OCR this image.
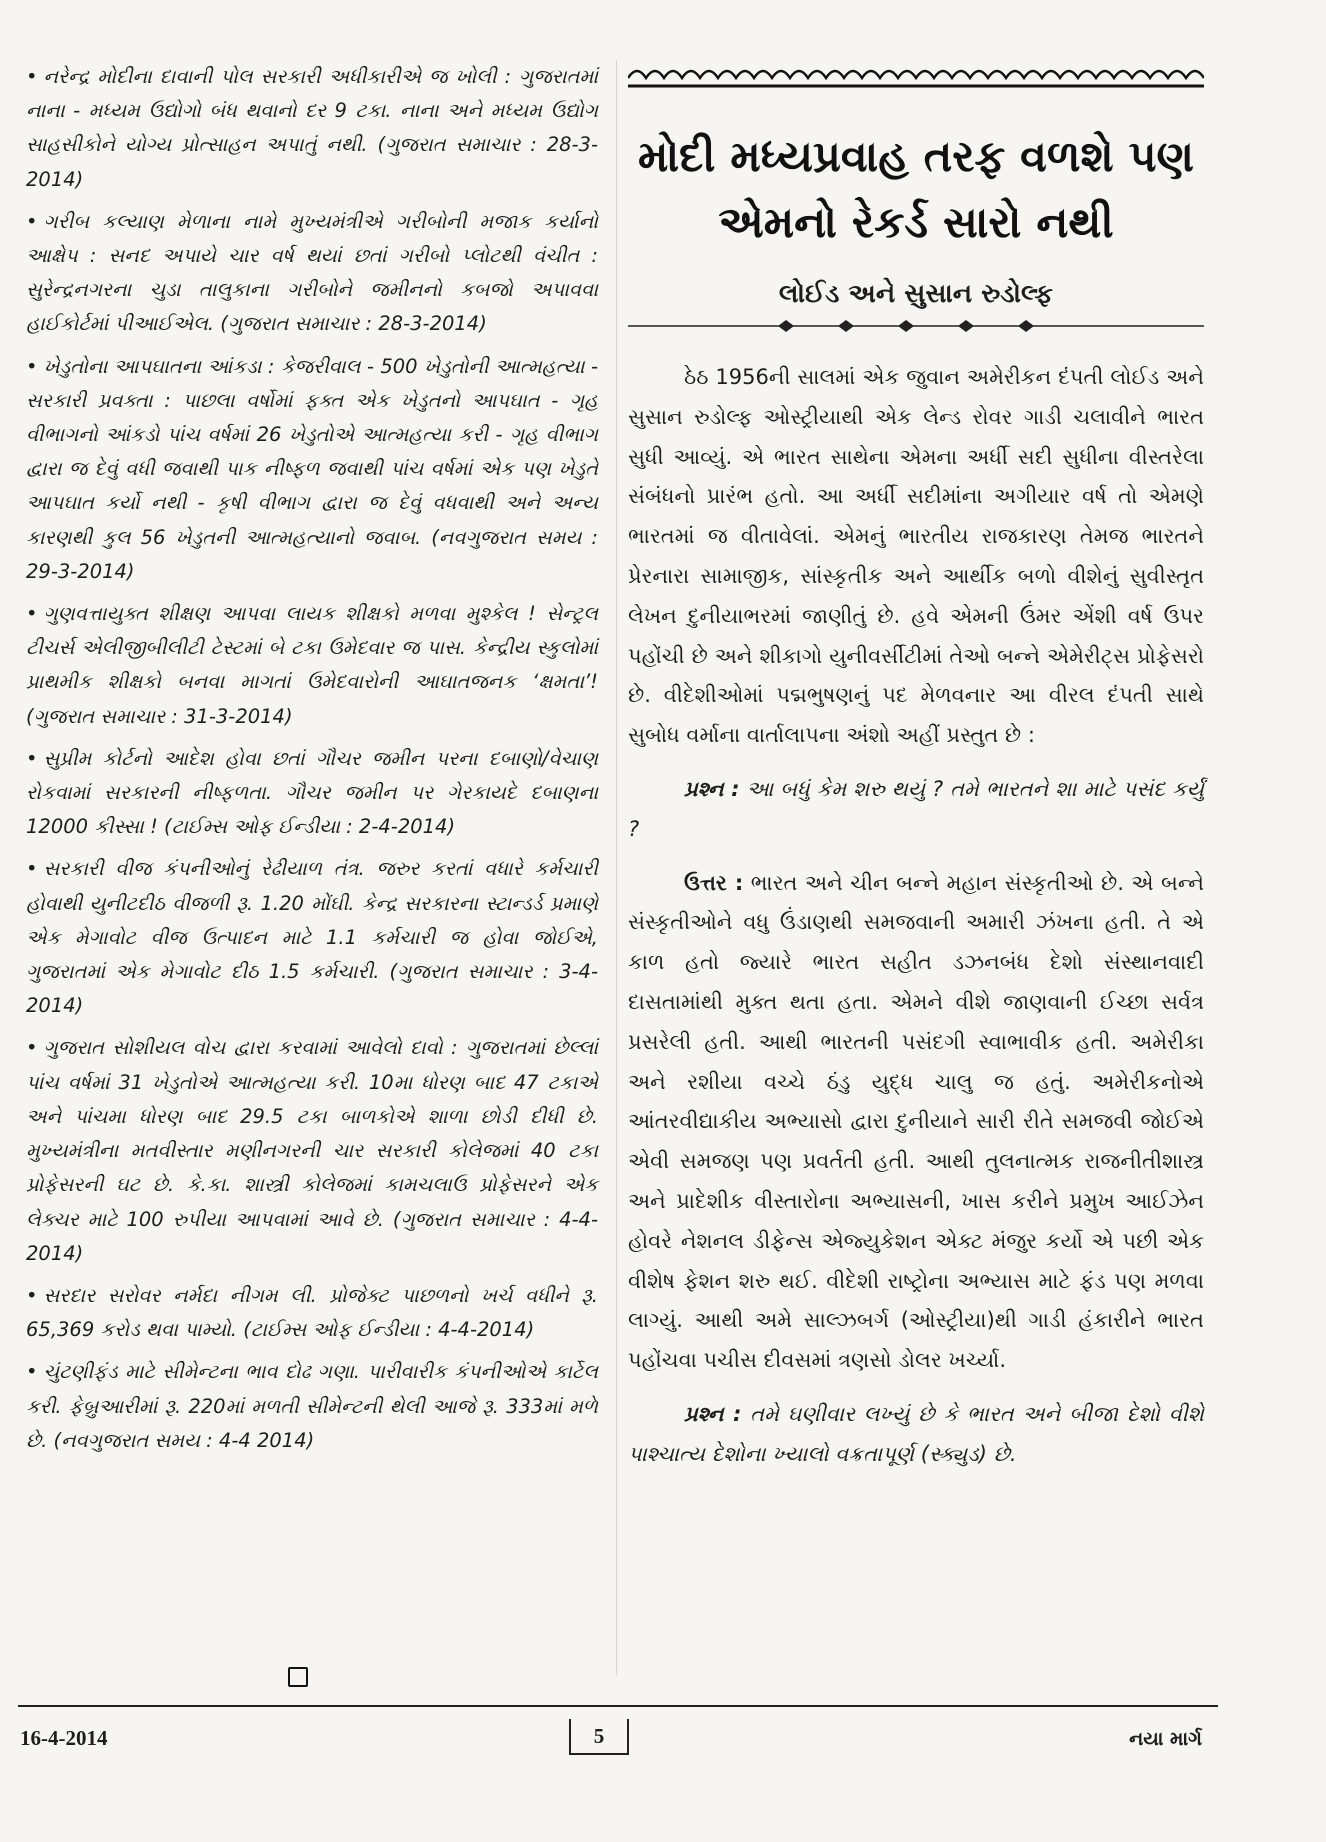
• નરેન્દ્ર મોદીના દાવાની પોલ સરકારી અધીકારીએ જ ખોલી : ગુજરાતમાં નાના - મધ્યમ ઉદ્યોગો બંધ થવાનો દર 9 ટકા. નાના અને મધ્યમ ઉદ્યોગ સાહસીકોને યોગ્ય પ્રોત્સાહન અપાતું નથી. (ગુજરાત સમાચાર : 28-3-2014)

• ગરીબ કલ્યાણ મેળાના નામે મુખ્યમંત્રીએ ગરીબોની મજાક કર્યાનો આક્ષેપ : સનદ અપાયે ચાર વર્ષ થયાં છતાં ગરીબો પ્લોટથી વંચીત : સુરેન્દ્રનગરના ચુડા તાલુકાના ગરીબોને જમીનનો કબજો અપાવવા હાઈકોર્ટમાં પીઆઈએલ. (ગુજરાત સમાચાર : 28-3-2014)

• ખેડુતોના આપઘાતના આંકડા : કેજરીવાલ - 500 ખેડુતોની આત્મહત્યા - સરકારી પ્રવક્તા : પાછલા વર્ષોમાં ફક્ત એક ખેડુતનો આપઘાત - ગૃહ વીભાગનો આંકડો પાંચ વર્ષમાં 26 ખેડુતોએ આત્મહત્યા કરી - ગૃહ વીભાગ દ્વારા જ દેવું વધી જવાથી પાક નીષ્ફળ જવાથી પાંચ વર્ષમાં એક પણ ખેડુતે આપઘાત કર્યો નથી - કૃષી વીભાગ દ્વારા જ દેવું વધવાથી અને અન્ય કારણથી કુલ 56 ખેડુતની આત્મહત્યાનો જવાબ. (નવગુજરાત સમય : 29-3-2014)

• ગુણવત્તાયુક્ત શીક્ષણ આપવા લાયક શીક્ષકો મળવા મુશ્કેલ ! સેન્ટ્રલ ટીચર્સ એલીજીબીલીટી ટેસ્ટમાં બે ટકા ઉમેદવાર જ પાસ. કેન્દ્રીય સ્કુલોમાં પ્રાથમીક શીક્ષકો બનવા માગતાં ઉમેદવારોની આઘાતજનક ‘ક્ષમતા’! (ગુજરાત સમાચાર : 31-3-2014)

• સુપ્રીમ કોર્ટનો આદેશ હોવા છતાં ગૌચર જમીન પરના દબાણો/વેચાણ રોકવામાં સરકારની નીષ્ફળતા. ગૌચર જમીન પર ગેરકાયદે દબાણના 12000 કીસ્સા ! (ટાઈમ્સ ઓફ ઈન્ડીયા : 2-4-2014)

• સરકારી વીજ કંપનીઓનું રેઢીયાળ તંત્ર. જરુર કરતાં વધારે કર્મચારી હોવાથી યુનીટદીઠ વીજળી રૂ. 1.20 મોંઘી. કેન્દ્ર સરકારના સ્ટાન્ડર્ડ પ્રમાણે એક મેગાવોટ વીજ ઉત્પાદન માટે 1.1 કર્મચારી જ હોવા જોઈએ, ગુજરાતમાં એક મેગાવોટ દીઠ 1.5 કર્મચારી. (ગુજરાત સમાચાર : 3-4-2014)

• ગુજરાત સોશીયલ વોચ દ્વારા કરવામાં આવેલો દાવો : ગુજરાતમાં છેલ્લાં પાંચ વર્ષમાં 31 ખેડુતોએ આત્મહત્યા કરી. 10મા ધોરણ બાદ 47 ટકાએ અને પાંચમા ધોરણ બાદ 29.5 ટકા બાળકોએ શાળા છોડી દીધી છે. મુખ્યમંત્રીના મતવીસ્તાર મણીનગરની ચાર સરકારી કોલેજમાં 40 ટકા પ્રોફેસરની ઘટ છે. કે.કા. શાસ્ત્રી કોલેજમાં કામચલાઉ પ્રોફેસરને એક લેક્ચર માટે 100 રુપીયા આપવામાં આવે છે. (ગુજરાત સમાચાર : 4-4-2014)

• સરદાર સરોવર નર્મદા નીગમ લી. પ્રોજેક્ટ પાછળનો ખર્ચ વધીને રૂ. 65,369 કરોડ થવા પામ્યો. (ટાઈમ્સ ઓફ ઈન્ડીયા : 4-4-2014)

• ચુંટણીફંડ માટે સીમેન્ટના ભાવ દોઢ ગણા. પારીવારીક કંપનીઓએ કાર્ટેલ કરી. ફેબ્રુઆરીમાં રૂ. 220માં મળતી સીમેન્ટની થેલી આજે રૂ. 333માં મળે છે. (નવગુજરાત સમય : 4-4 2014)

મોદી મધ્યપ્રવાહ તરફ વળશે પણ એમનો રેકર્ડ સારો નથી
લોઈડ અને સુસાન રુડોલ્ફ

ઠેઠ 1956ની સાલમાં એક જુવાન અમેરીકન દંપતી લોઈડ અને સુસાન રુડોલ્ફ ઓસ્ટ્રીયાથી એક લેન્ડ રોવર ગાડી ચલાવીને ભારત સુધી આવ્યું. એ ભારત સાથેના એમના અર્ધી સદી સુધીના વીસ્તરેલા સંબંધનો પ્રારંભ હતો. આ અર્ધી સદીમાંના અગીયાર વર્ષ તો એમણે ભારતમાં જ વીતાવેલાં. એમનું ભારતીય રાજકારણ તેમજ ભારતને પ્રેરનારા સામાજીક, સાંસ્કૃતીક અને આર્થીક બળો વીશેનું સુવીસ્તૃત લેખન દુનીયાભરમાં જાણીતું છે. હવે એમની ઉંમર એંશી વર્ષ ઉપર પહોંચી છે અને શીકાગો યુનીવર્સીટીમાં તેઓ બન્ને એમેરીટ્સ પ્રોફેસરો છે. વીદેશીઓમાં પદ્મભુષણનું પદ મેળવનાર આ વીરલ દંપતી સાથે સુબોધ વર્માના વાર્તાલાપના અંશો અહીં પ્રસ્તુત છે :

પ્રશ્ન : આ બધું કેમ શરુ થયું ? તમે ભારતને શા માટે પસંદ કર્યું ?

ઉત્તર : ભારત અને ચીન બન્ને મહાન સંસ્કૃતીઓ છે. એ બન્ને સંસ્કૃતીઓને વધુ ઉંડાણથી સમજવાની અમારી ઝંખના હતી. તે એ કાળ હતો જ્યારે ભારત સહીત ડઝનબંધ દેશો સંસ્થાનવાદી દાસતામાંથી મુક્ત થતા હતા. એમને વીશે જાણવાની ઈચ્છા સર્વત્ર પ્રસરેલી હતી. આથી ભારતની પસંદગી સ્વાભાવીક હતી. અમેરીકા અને રશીયા વચ્ચે ઠંડુ યુદ્ધ ચાલુ જ હતું. અમેરીકનોએ આંતરવીદ્યાકીય અભ્યાસો દ્વારા દુનીયાને સારી રીતે સમજવી જોઈએ એવી સમજણ પણ પ્રવર્તતી હતી. આથી તુલનાત્મક રાજનીતીશાસ્ત્ર અને પ્રાદેશીક વીસ્તારોના અભ્યાસની, ખાસ કરીને પ્રમુખ આઈઝેન હોવરે નેશનલ ડીફેન્સ એજ્યુકેશન એક્ટ મંજુર કર્યો એ પછી એક વીશેષ ફેશન શરુ થઈ. વીદેશી રાષ્ટ્રોના અભ્યાસ માટે ફંડ પણ મળવા લાગ્યું. આથી અમે સાલ્ઝબર્ગ (ઓસ્ટ્રીયા)થી ગાડી હંકારીને ભારત પહોંચવા પચીસ દીવસમાં ત્રણસો ડોલર ખર્ચ્યા.

પ્રશ્ન : તમે ઘણીવાર લખ્યું છે કે ભારત અને બીજા દેશો વીશે પાશ્ચાત્ય દેશોના ખ્યાલો વક્રતાપૂર્ણ (સ્ક્યુડ) છે.

16-4-2014	5	નયા માર્ગ
